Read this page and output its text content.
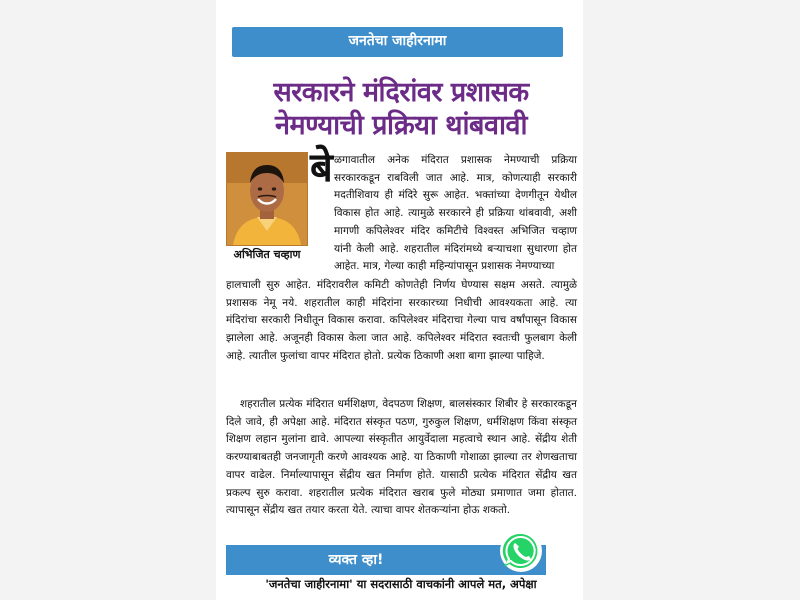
जनतेचा जाहीरनामा
सरकारने मंदिरांवर प्रशासक
नेमण्याची प्रक्रिया थांबवावी
अभिजित चव्हाण
बे ळगावातील अनेक मंदिरात प्रशासक नेमण्याची प्रक्रिया सरकारकडून राबविली जात आहे. मात्र, कोणत्याही सरकारी मदतीशिवाय ही मंदिरे सुरू आहेत. भक्तांच्या देणगीतून येथील विकास होत आहे. त्यामुळे सरकारने ही प्रक्रिया थांबवावी, अशी मागणी कपिलेश्वर मंदिर कमिटीचे विश्वस्त अभिजित चव्हाण यांनी केली आहे. शहरातील मंदिरांमध्ये बऱ्याचशा सुधारणा होत आहेत. मात्र, गेल्या काही महिन्यांपासून प्रशासक नेमण्याच्या

हालचाली सुरु आहेत. मंदिरावरील कमिटी कोणतेही निर्णय घेण्यास सक्षम असते. त्यामुळे प्रशासक नेमू नये. शहरातील काही मंदिरांना सरकारच्या निधीची आवश्यकता आहे. त्या मंदिरांचा सरकारी निधीतून विकास करावा. कपिलेश्वर मंदिराचा गेल्या पाच वर्षांपासून विकास झालेला आहे. अजूनही विकास केला जात आहे. कपिलेश्वर मंदिरात स्वतःची फुलबाग केली आहे. त्यातील फुलांचा वापर मंदिरात होतो. प्रत्येक ठिकाणी अशा बागा झाल्या पाहिजे.

शहरातील प्रत्येक मंदिरात धर्मशिक्षण, वेदपठण शिक्षण, बालसंस्कार शिबीर हे सरकारकडून दिले जावे, ही अपेक्षा आहे. मंदिरात संस्कृत पठण, गुरुकुल शिक्षण, धर्मशिक्षण किंवा संस्कृत शिक्षण लहान मुलांना द्यावे. आपल्या संस्कृतीत आयुर्वेदाला महत्वाचे स्थान आहे. सेंद्रीय शेती करण्याबाबतही जनजागृती करणे आवश्यक आहे. या ठिकाणी गोशाळा झाल्या तर शेणखताचा वापर वाढेल. निर्माल्यापासून सेंद्रीय खत निर्माण होते. यासाठी प्रत्येक मंदिरात सेंद्रीय खत प्रकल्प सुरु करावा. शहरातील प्रत्येक मंदिरात खराब फुले मोठ्या प्रमाणात जमा होतात. त्यापासून सेंद्रीय खत तयार करता येते. त्याचा वापर शेतकऱ्यांना होऊ शकतो.

व्यक्त व्हा!
'जनतेचा जाहीरनामा' या सदरासाठी वाचकांनी आपले मत, अपेक्षा
